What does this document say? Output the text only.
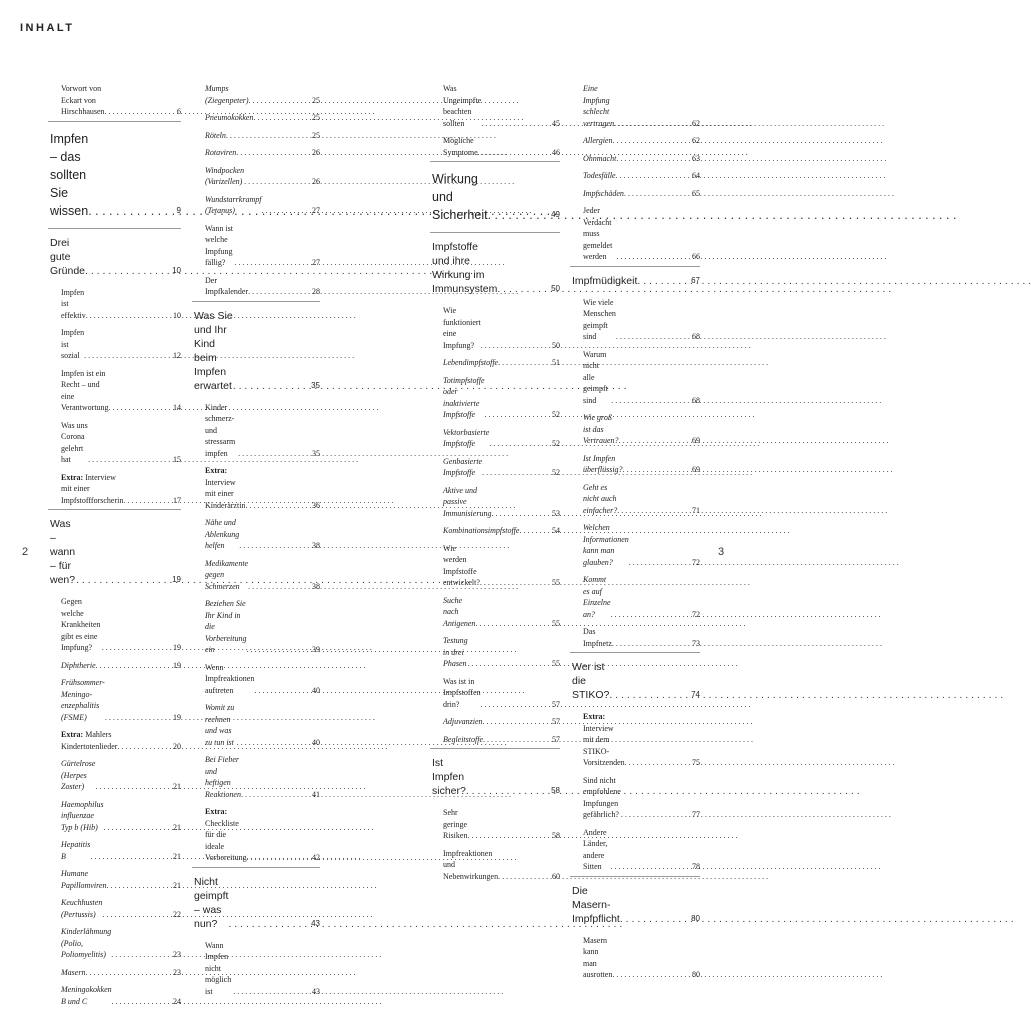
INHALT
Vorwort von Eckart von Hirschhausen . . .	6
Impfen – das sollten Sie wissen . . .	9
Drei gute Gründe . . .	10
Impfen ist effektiv . . .	10
Impfen ist sozial . . .	12
Impfen ist ein Recht – und eine Verantwortung . . .	14
Was uns Corona gelehrt hat . . .	15
Extra: Interview mit einer Impfstoffforscherin . . .	17
Was – wann – für wen? . . .	19
Gegen welche Krankheiten gibt es eine Impfung? . . .	19
Diphtherie . . .	19
Frühsommer-Meningo-enzephalitis (FSME) . . .	19
Extra: Mahlers Kindertotenlieder . . .	20
Gürtelrose (Herpes Zoster) . . .	21
Haemophilus influenzae Typ b (Hib) . . .	21
Hepatitis B . . .	21
Humane Papillomviren . . .	21
Keuchhusten (Pertussis) . . .	22
Kinderlähmung (Polio, Poliomyelitis) . . .	23
Masern . . .	23
Meningokokken B und C . . .	24
Mumps (Ziegenpeter) . . .	25
Pneumokokken . . .	25
Röteln . . .	25
Rotaviren . . .	26
Windpocken (Varizellen) . . .	26
Wundstarrkrampf (Tetanus) . . .	27
Wann ist welche Impfung fällig? . . .	27
Der Impfkalender . . .	28
Was Sie und Ihr Kind beim Impfen erwartet . . .	35
Kinder schmerz- und stressarm impfen . . .	35
Extra: Interview mit einer Kinderärztin . . .	36
Nähe und Ablenkung helfen . . .	38
Medikamente gegen Schmerzen . . .	38
Beziehen Sie Ihr Kind in die Vorbereitung ein . . .	39
Wenn Impfreaktionen auftreten . . .	40
Womit zu rechnen und was zu tun ist . . .	40
Bei Fieber und heftigen Reaktionen . . .	41
Extra: Checkliste für die ideale Vorbereitung . . .	42
Nicht geimpft – was nun? . . .	43
Wann Impfen nicht möglich ist . . .	43
Was Ungeimpfte beachten sollten . . .	45
Mögliche Symptome . . .	46
Wirkung und Sicherheit . . .	49
Impfstoffe und ihre Wirkung im Immunsystem . . .	50
Wie funktioniert eine Impfung? . . .	50
Lebendimpfstoffe . . .	51
Totimpfstoffe oder inaktivierte Impfstoffe . . .	52
Vektorbasierte Impfstoffe . . .	52
Genbasierte Impfstoffe . . .	52
Aktive und passive Immunisierung . . .	53
Kombinationsimpfstoffe . . .	54
Wie werden Impfstoffe entwickelt? . . .	55
Suche nach Antigenen . . .	55
Testung in drei Phasen . . .	55
Was ist in Impfstoffen drin? . . .	57
Adjuvanzien . . .	57
Begleitstoffe . . .	57
Ist Impfen sicher? . . .	58
Sehr geringe Risiken . . .	58
Impfreaktionen und Nebenwirkungen . . .	60
Eine Impfung schlecht vertragen . . .	62
Allergien . . .	62
Ohnmacht . . .	63
Todesfälle . . .	64
Impfschäden . . .	65
Jeder Verdacht muss gemeldet werden . . .	66
Impfmüdigkeit . . .	67
Wie viele Menschen geimpft sind . . .	68
Warum nicht alle geimpft sind . . .	68
Wie groß ist das Vertrauen? . . .	69
Ist Impfen überflüssig? . . .	69
Geht es nicht auch einfacher? . . .	71
Welchen Informationen kann man glauben? . . .	72
Kommt es auf Einzelne an? . . .	72
Das Impfnetz . . .	73
Wer ist die STIKO? . . .	74
Extra: Interview mit dem STIKO-Vorsitzenden . . .	75
Sind nicht empfohlene Impfungen gefährlich? . . .	77
Andere Länder, andere Sitten . . .	78
Die Masern-Impfpflicht . . .	80
Masern kann man ausrotten . . .	80
2	3
